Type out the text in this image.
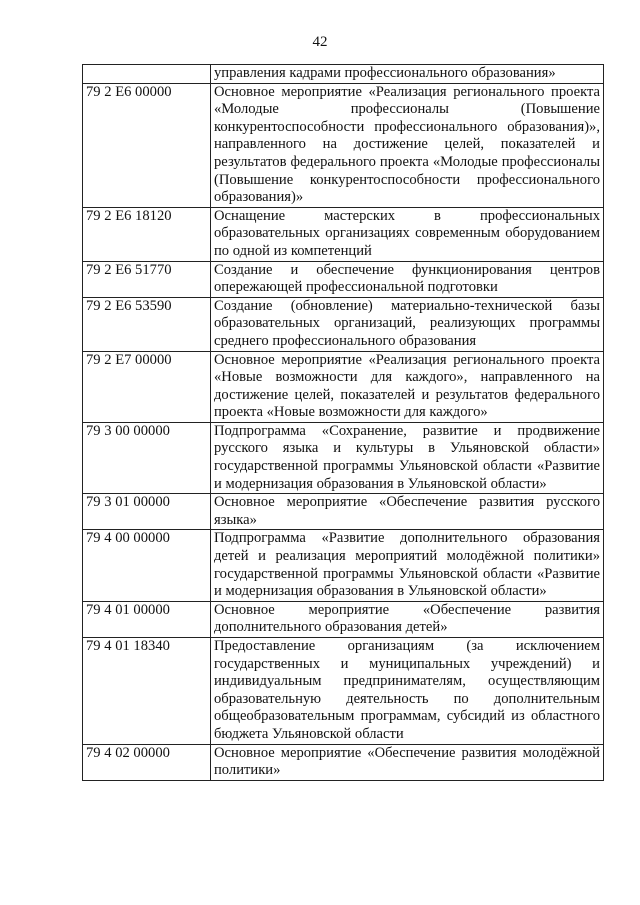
42

	управления кадрами профессионального образования»

79 2 E6 00000	Основное мероприятие «Реализация регионального проекта «Молодые профессионалы (Повышение конкурентоспособности профессионального образования)», направленного на достижение целей, показателей и результатов федерального проекта «Молодые профессионалы (Повышение конкурентоспособности профессионального образования)»

79 2 E6 18120	Оснащение мастерских в профессиональных образовательных организациях современным оборудованием по одной из компетенций

79 2 E6 51770	Создание и обеспечение функционирования центров опережающей профессиональной подготовки

79 2 E6 53590	Создание (обновление) материально-технической базы образовательных организаций, реализующих программы среднего профессионального образования

79 2 E7 00000	Основное мероприятие «Реализация регионального проекта «Новые возможности для каждого», направленного на достижение целей, показателей и результатов федерального проекта «Новые возможности для каждого»

79 3 00 00000	Подпрограмма «Сохранение, развитие и продвижение русского языка и культуры в Ульяновской области» государственной программы Ульяновской области «Развитие и модернизация образования в Ульяновской области»

79 3 01 00000	Основное мероприятие «Обеспечение развития русского языка»

79 4 00 00000	Подпрограмма «Развитие дополнительного образования детей и реализация мероприятий молодёжной политики» государственной программы Ульяновской области «Развитие и модернизация образования в Ульяновской области»

79 4 01 00000	Основное мероприятие «Обеспечение развития дополнительного образования детей»

79 4 01 18340	Предоставление организациям (за исключением государственных и муниципальных учреждений) и индивидуальным предпринимателям, осуществляющим образовательную деятельность по дополнительным общеобразовательным программам, субсидий из областного бюджета Ульяновской области

79 4 02 00000	Основное мероприятие «Обеспечение развития молодёжной политики»
